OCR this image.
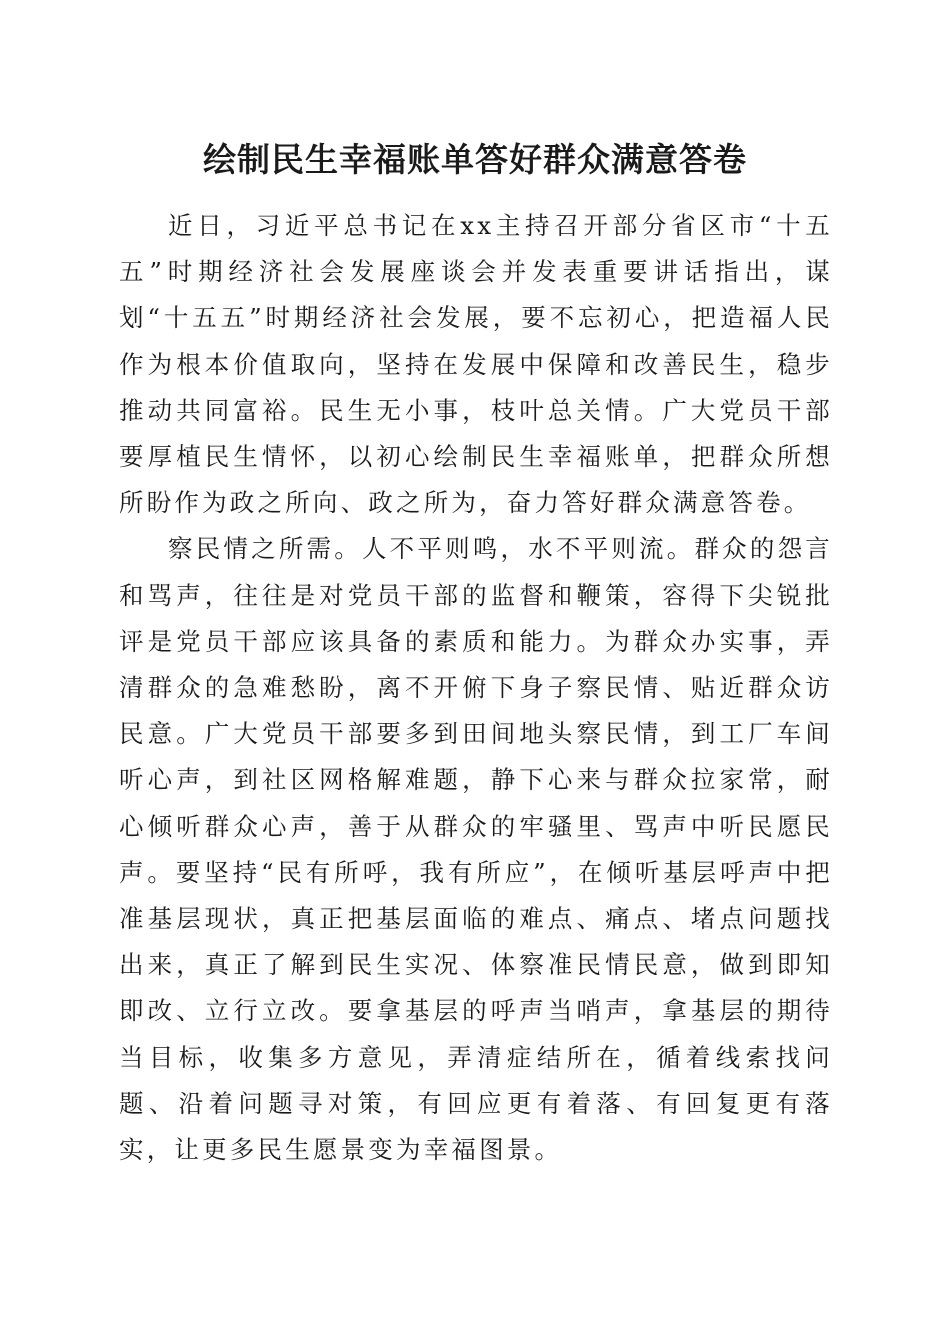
绘制民生幸福账单答好群众满意答卷

近日，习近平总书记在xx主持召开部分省区市“十五五”时期经济社会发展座谈会并发表重要讲话指出，谋划“十五五”时期经济社会发展，要不忘初心，把造福人民作为根本价值取向，坚持在发展中保障和改善民生，稳步推动共同富裕。民生无小事，枝叶总关情。广大党员干部要厚植民生情怀，以初心绘制民生幸福账单，把群众所想所盼作为政之所向、政之所为，奋力答好群众满意答卷。

察民情之所需。人不平则鸣，水不平则流。群众的怨言和骂声，往往是对党员干部的监督和鞭策，容得下尖锐批评是党员干部应该具备的素质和能力。为群众办实事，弄清群众的急难愁盼，离不开俯下身子察民情、贴近群众访民意。广大党员干部要多到田间地头察民情，到工厂车间听心声，到社区网格解难题，静下心来与群众拉家常，耐心倾听群众心声，善于从群众的牢骚里、骂声中听民愿民声。要坚持“民有所呼，我有所应”，在倾听基层呼声中把准基层现状，真正把基层面临的难点、痛点、堵点问题找出来，真正了解到民生实况、体察准民情民意，做到即知即改、立行立改。要拿基层的呼声当哨声，拿基层的期待当目标，收集多方意见，弄清症结所在，循着线索找问题、沿着问题寻对策，有回应更有着落、有回复更有落实，让更多民生愿景变为幸福图景。
